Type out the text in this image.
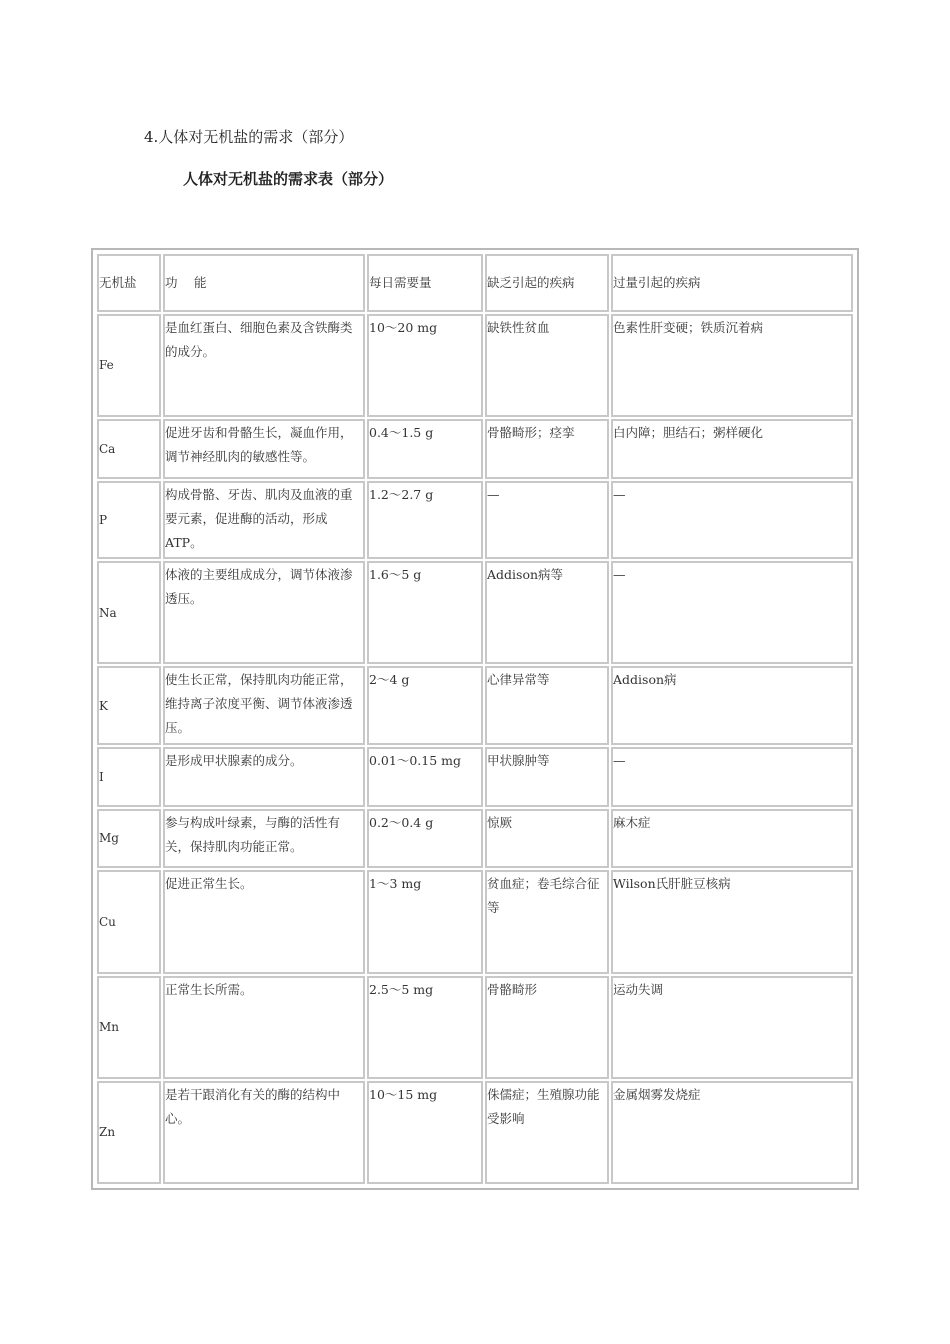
4.人体对无机盐的需求（部分）
人体对无机盐的需求表（部分）
无机盐	功　 能	每日需要量	缺乏引起的疾病	过量引起的疾病
Fe	是血红蛋白、细胞色素及含铁酶类的成分。	10～20 mg	缺铁性贫血	色素性肝变硬；铁质沉着病
Ca	促进牙齿和骨骼生长，凝血作用，调节神经肌肉的敏感性等。	0.4～1.5 g	骨骼畸形；痉挛	白内障；胆结石；粥样硬化
P	构成骨骼、牙齿、肌肉及血液的重要元素，促进酶的活动，形成ATP。	1.2～2.7 g	—	—
Na	体液的主要组成成分，调节体液渗透压。	1.6～5 g	Addison病等	—
K	使生长正常，保持肌肉功能正常，维持离子浓度平衡、调节体液渗透压。	2～4 g	心律异常等	Addison病
I	是形成甲状腺素的成分。	0.01～0.15 mg	甲状腺肿等	—
Mg	参与构成叶绿素，与酶的活性有关，保持肌肉功能正常。	0.2～0.4 g	惊厥	麻木症
Cu	促进正常生长。	1～3 mg	贫血症；卷毛综合征等	Wilson氏肝脏豆核病
Mn	正常生长所需。	2.5～5 mg	骨骼畸形	运动失调
Zn	是若干跟消化有关的酶的结构中心。	10～15 mg	侏儒症；生殖腺功能受影响	金属烟雾发烧症
